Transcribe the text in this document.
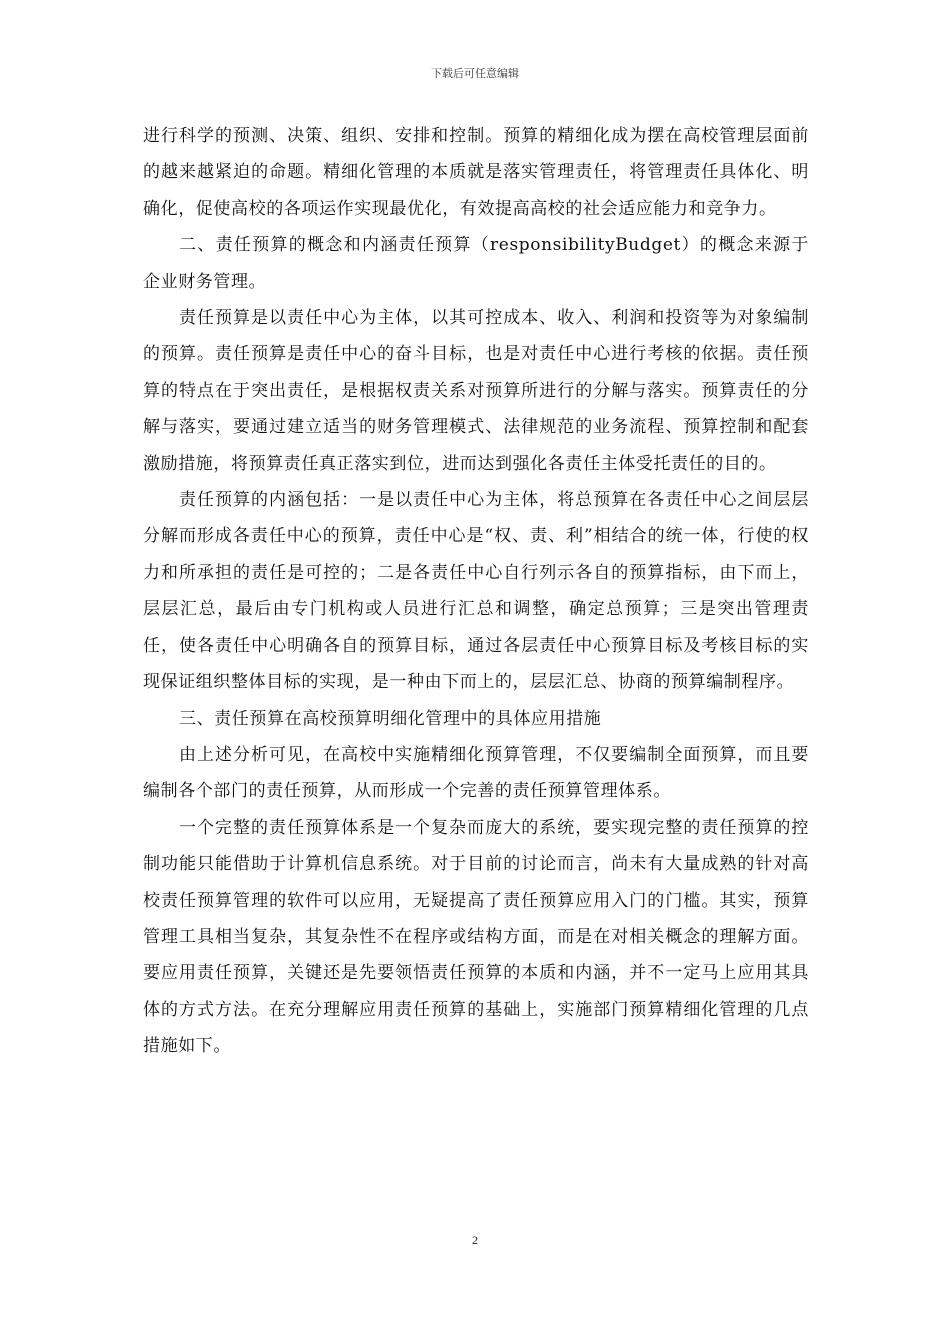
下载后可任意编辑

进行科学的预测、决策、组织、安排和控制。预算的精细化成为摆在高校管理层面前的越来越紧迫的命题。精细化管理的本质就是落实管理责任，将管理责任具体化、明确化，促使高校的各项运作实现最优化，有效提高高校的社会适应能力和竞争力。

二、责任预算的概念和内涵责任预算（responsibilityBudget）的概念来源于企业财务管理。

责任预算是以责任中心为主体，以其可控成本、收入、利润和投资等为对象编制的预算。责任预算是责任中心的奋斗目标，也是对责任中心进行考核的依据。责任预算的特点在于突出责任，是根据权责关系对预算所进行的分解与落实。预算责任的分解与落实，要通过建立适当的财务管理模式、法律规范的业务流程、预算控制和配套激励措施，将预算责任真正落实到位，进而达到强化各责任主体受托责任的目的。

责任预算的内涵包括：一是以责任中心为主体，将总预算在各责任中心之间层层分解而形成各责任中心的预算，责任中心是“权、责、利”相结合的统一体，行使的权力和所承担的责任是可控的；二是各责任中心自行列示各自的预算指标，由下而上，层层汇总，最后由专门机构或人员进行汇总和调整，确定总预算；三是突出管理责任，使各责任中心明确各自的预算目标，通过各层责任中心预算目标及考核目标的实现保证组织整体目标的实现，是一种由下而上的，层层汇总、协商的预算编制程序。

三、责任预算在高校预算明细化管理中的具体应用措施

由上述分析可见，在高校中实施精细化预算管理，不仅要编制全面预算，而且要编制各个部门的责任预算，从而形成一个完善的责任预算管理体系。

一个完整的责任预算体系是一个复杂而庞大的系统，要实现完整的责任预算的控制功能只能借助于计算机信息系统。对于目前的讨论而言，尚未有大量成熟的针对高校责任预算管理的软件可以应用，无疑提高了责任预算应用入门的门槛。其实，预算管理工具相当复杂，其复杂性不在程序或结构方面，而是在对相关概念的理解方面。要应用责任预算，关键还是先要领悟责任预算的本质和内涵，并不一定马上应用其具体的方式方法。在充分理解应用责任预算的基础上，实施部门预算精细化管理的几点措施如下。

2
